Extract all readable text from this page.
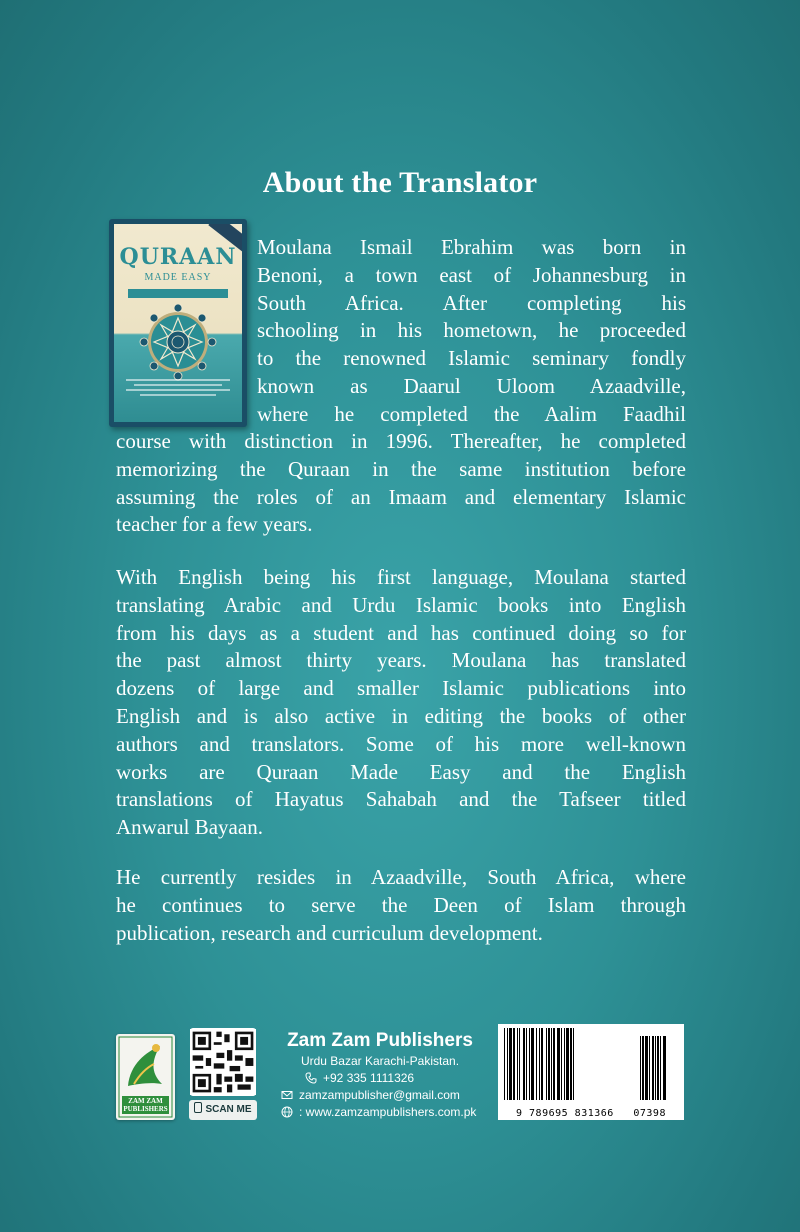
About the Translator
QURAAN
MADE EASY
Moulana Ismail Ebrahim was born in
Benoni, a town east of Johannesburg in
South Africa. After completing his
schooling in his hometown, he proceeded
to the renowned Islamic seminary fondly
known as Daarul Uloom Azaadville,
where he completed the Aalim Faadhil
course with distinction in 1996. Thereafter, he completed
memorizing the Quraan in the same institution before
assuming the roles of an Imaam and elementary Islamic
teacher for a few years.
With English being his first language, Moulana started
translating Arabic and Urdu Islamic books into English
from his days as a student and has continued doing so for
the past almost thirty years. Moulana has translated
dozens of large and smaller Islamic publications into
English and is also active in editing the books of other
authors and translators. Some of his more well-known
works are Quraan Made Easy and the English
translations of Hayatus Sahabah and the Tafseer titled
Anwarul Bayaan.
He currently resides in Azaadville, South Africa, where
he continues to serve the Deen of Islam through
publication, research and curriculum development.
ZAM ZAM PUBLISHERS	SCAN ME
Zam Zam Publishers
Urdu Bazar Karachi-Pakistan.
+92 335 1111326
zamzampublisher@gmail.com
: www.zamzampublishers.com.pk	9 789695 831366 07398
